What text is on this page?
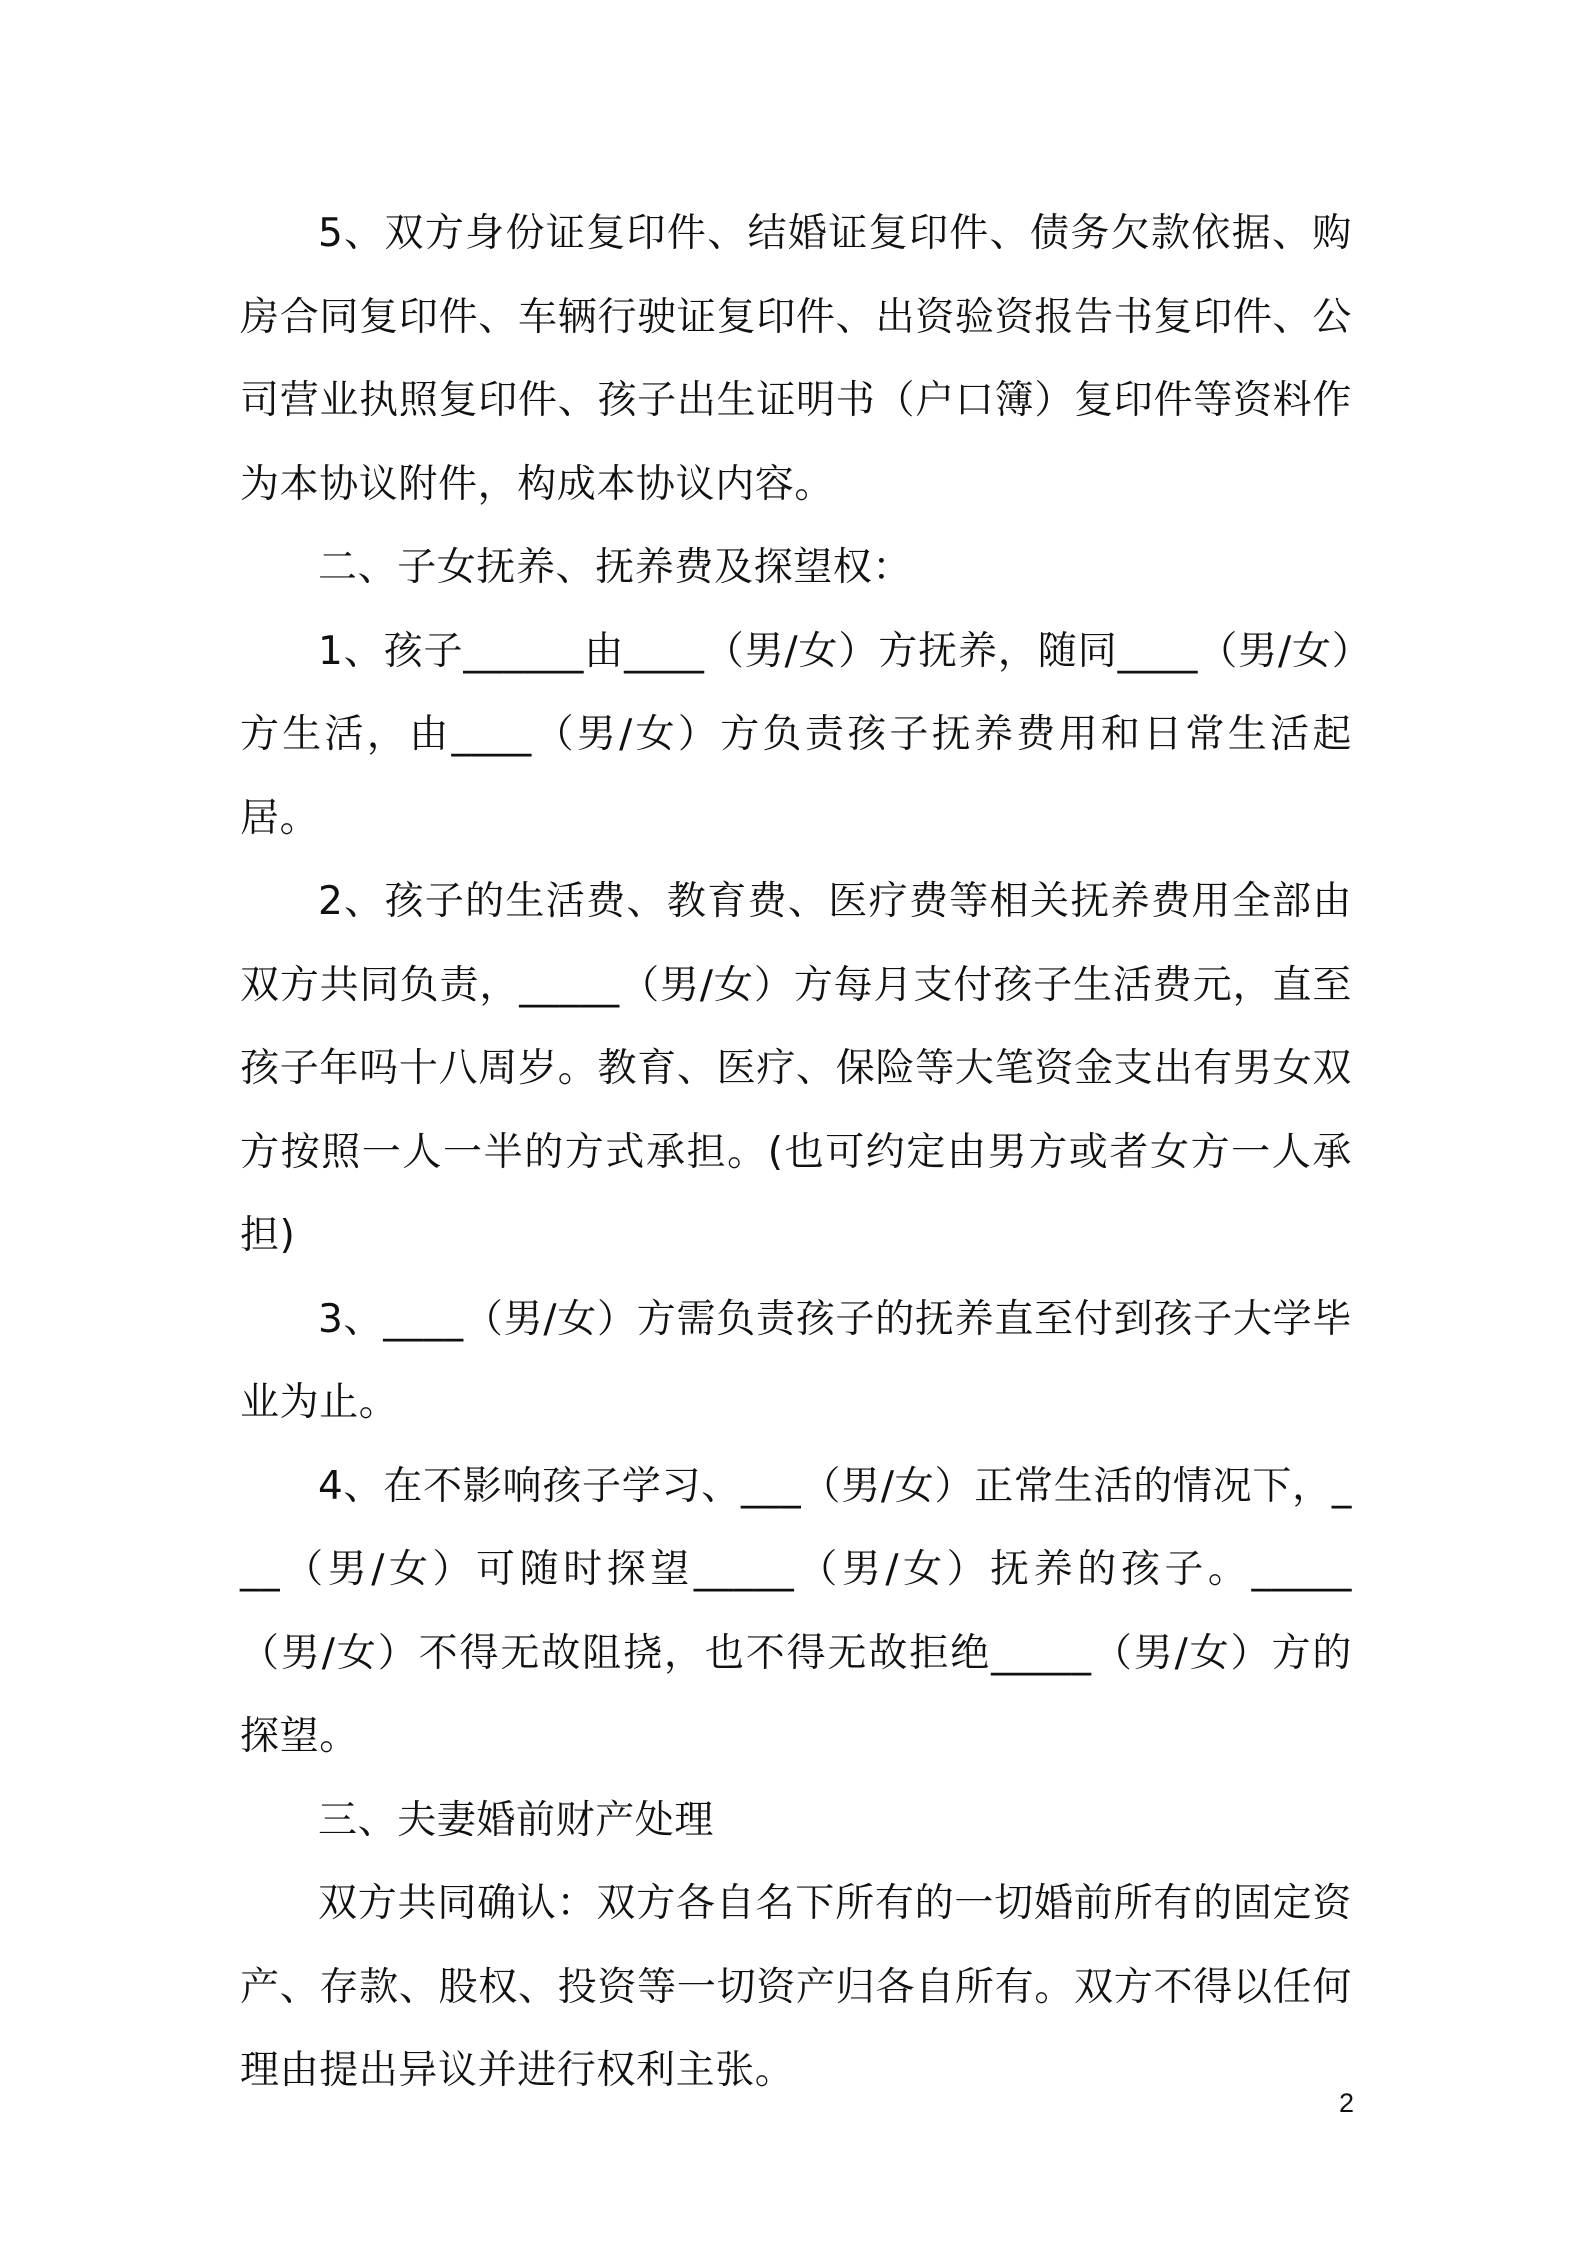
5、双方身份证复印件、结婚证复印件、债务欠款依据、购房合同复印件、车辆行驶证复印件、出资验资报告书复印件、公司营业执照复印件、孩子出生证明书（户口簿）复印件等资料作为本协议附件，构成本协议内容。

二、子女抚养、抚养费及探望权：

1、孩子______由____（男/女）方抚养，随同____（男/女）方生活，由____（男/女）方负责孩子抚养费用和日常生活起居。

2、孩子的生活费、教育费、医疗费等相关抚养费用全部由双方共同负责，_____（男/女）方每月支付孩子生活费元，直至孩子年吗十八周岁。教育、医疗、保险等大笔资金支出有男女双方按照一人一半的方式承担。(也可约定由男方或者女方一人承担)

3、____（男/女）方需负责孩子的抚养直至付到孩子大学毕业为止。

4、在不影响孩子学习、___（男/女）正常生活的情况下，___（男/女）可随时探望_____（男/女）抚养的孩子。_____（男/女）不得无故阻挠，也不得无故拒绝_____（男/女）方的探望。

三、夫妻婚前财产处理

双方共同确认：双方各自名下所有的一切婚前所有的固定资产、存款、股权、投资等一切资产归各自所有。双方不得以任何理由提出异议并进行权利主张。

2
